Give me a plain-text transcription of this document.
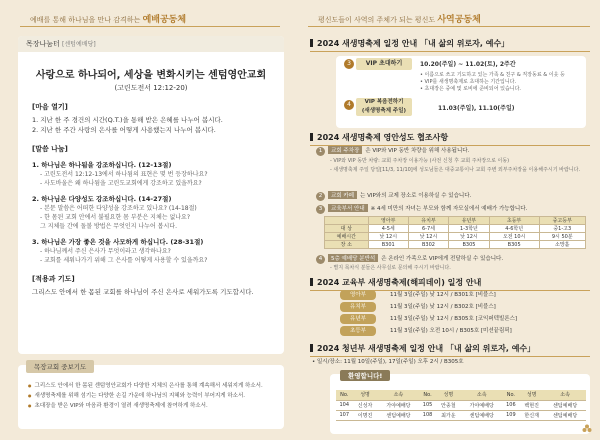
예배를 통해 하나님을 만나 감격하는 예배공동체
목장나눔터 [센텀예배당]
사랑으로 하나되어, 세상을 변화시키는 센텀영안교회
(고린도전서 12:12-20)
[마음 열기]

1. 지난 한 주 경건의 시간(Q.T.)을 통해 받은 은혜를 나누어 봅시다.

2. 지난 한 주간 사랑의 은사를 어떻게 사용했는지 나누어 봅시다.

[말씀 나눔]
1. 하나님은 하나됨을 강조하십니다. (12-13절)
- 고린도전서 12:12-13에서 하나됨의 표현은 몇 번 등장하나요?
- 사도바울은 왜 하나됨을 고린도교회에게 강조하고 있을까요?
2. 하나님은 다양성도 강조하십니다. (14-27절)
- 본문 말씀은 어떠한 다양성을 강조하고 있나요? (14-18절)
- 한 몸된 교회 안에서 불필요한 몸 부분은 지체는 없나요?
그 지체들 간에 돌볼 방법은 무엇인지 나누어 봅시다.
3. 하나님은 가장 좋은 것을 사모하게 하십니다. (28-31절)
- 하나님께서 주신 은사가 무엇이라고 생각하나요?
- 교회를 세워나가기 위해 그 은사를 어떻게 사용할 수 있을까요?
[적용과 기도]

그리스도 안에서 한 몸된 교회를 하나님이 주신 은사로 세워가도록 기도합시다.

목장교회 중보기도
● 그리스도 안에서 한 몸된 센텀영안교회가 다양한 지체의 은사를 통해 계속해서 세워지게 하소서.
● 새생명축제를 위해 섬기는 다양한 손길 가운데 하나님의 지혜와 능력이 부어지게 하소서.
● 초대장을 받은 VIP와 마음과 환경이 열려 새생명축제에 참여하게 하소서.
평신도들이 사역의 주체가 되는 평신도 사역공동체
2024 새생명축제 일정 안내 「내 삶의 위로자, 예수」
3	VIP 초대하기	10.20(주일) ~ 11.02(토), 2주간
• 이름으로 쓰고 기도하고 있는 가족 & 친구 & 직장동료 & 이웃 등
• VIP를 새생명축제로 초대하는 기간입니다.
• 초대장은 중예 및 로비에 준비되어 있습니다.
4	VIP 복음전하기
(새생명축제 주일)	11.03(주일), 11.10(주일)
2024 새생명축제 영안성도 협조사항
1 교회 주차장 은 VIP와 VIP 동반 차량을 위해 사용됩니다.
- VIP와 VIP 동반 차량: 교회 주차장 이용가능 (사전 신청 후 교회 주차장으로 이동)
- 새생명축제 주일 당일[11/3, 11/10]에 성도님들은 대중교통이나 교회 주변 외부주차장을 이용해주시기 바랍니다.
2 교회 카페 는 VIP와의 교제 장소로 이용하실 수 있습니다.
3 교육부서 안내 ※ 4세 미만의 자녀는 부모와 함께 자모실에서 예배가 가능합니다.
	영아부	유치부	유년부	초등부	중고등부
대 상	4-5세	6-7세	1-3학년	4-6학년	중1-고3
예배시간	낮 12시	낮 12시	낮 12시	오전 10시	9시 50분
장 소	B301	B302	B305	B305	소망홀
4 5층 예배당 분반석 은 온라인 가족으로 VIP에게 전달하실 수 있습니다.
- 별지 목차식 분들은 사무실로 문의해 주시기 바랍니다.
2024 교육부 새생명축제(해피데이) 일정 안내
영아부	11월 3일(주일) 낮 12시 / B301호 [비블스]
유치부	11월 3일(주일) 낮 12시 / B302호 [비블스]
유년부	11월 3일(주일) 낮 12시 / B305호 [코익퍼텍빌론스]
초등부	11월 3일(주일) 오전 10시 / B305호 [미션끝림픽]
2024 청년부 새생명축제 일정 안내 「내 삶의 위로자, 예수」
• 일시/장소: 11월 10일(주일), 17일(주일) 오후 2시 / B305호
환영합니다!
No.	성명	소속	No.	성명	소속	No.	성명	소속
104	신성자	가야예배당	105	안종철	가야예배당	106	백현진	센텀예배당
107	이명진	센텀예배당	108	최가운	센텀예배당	109	한신재	센텀예배당
